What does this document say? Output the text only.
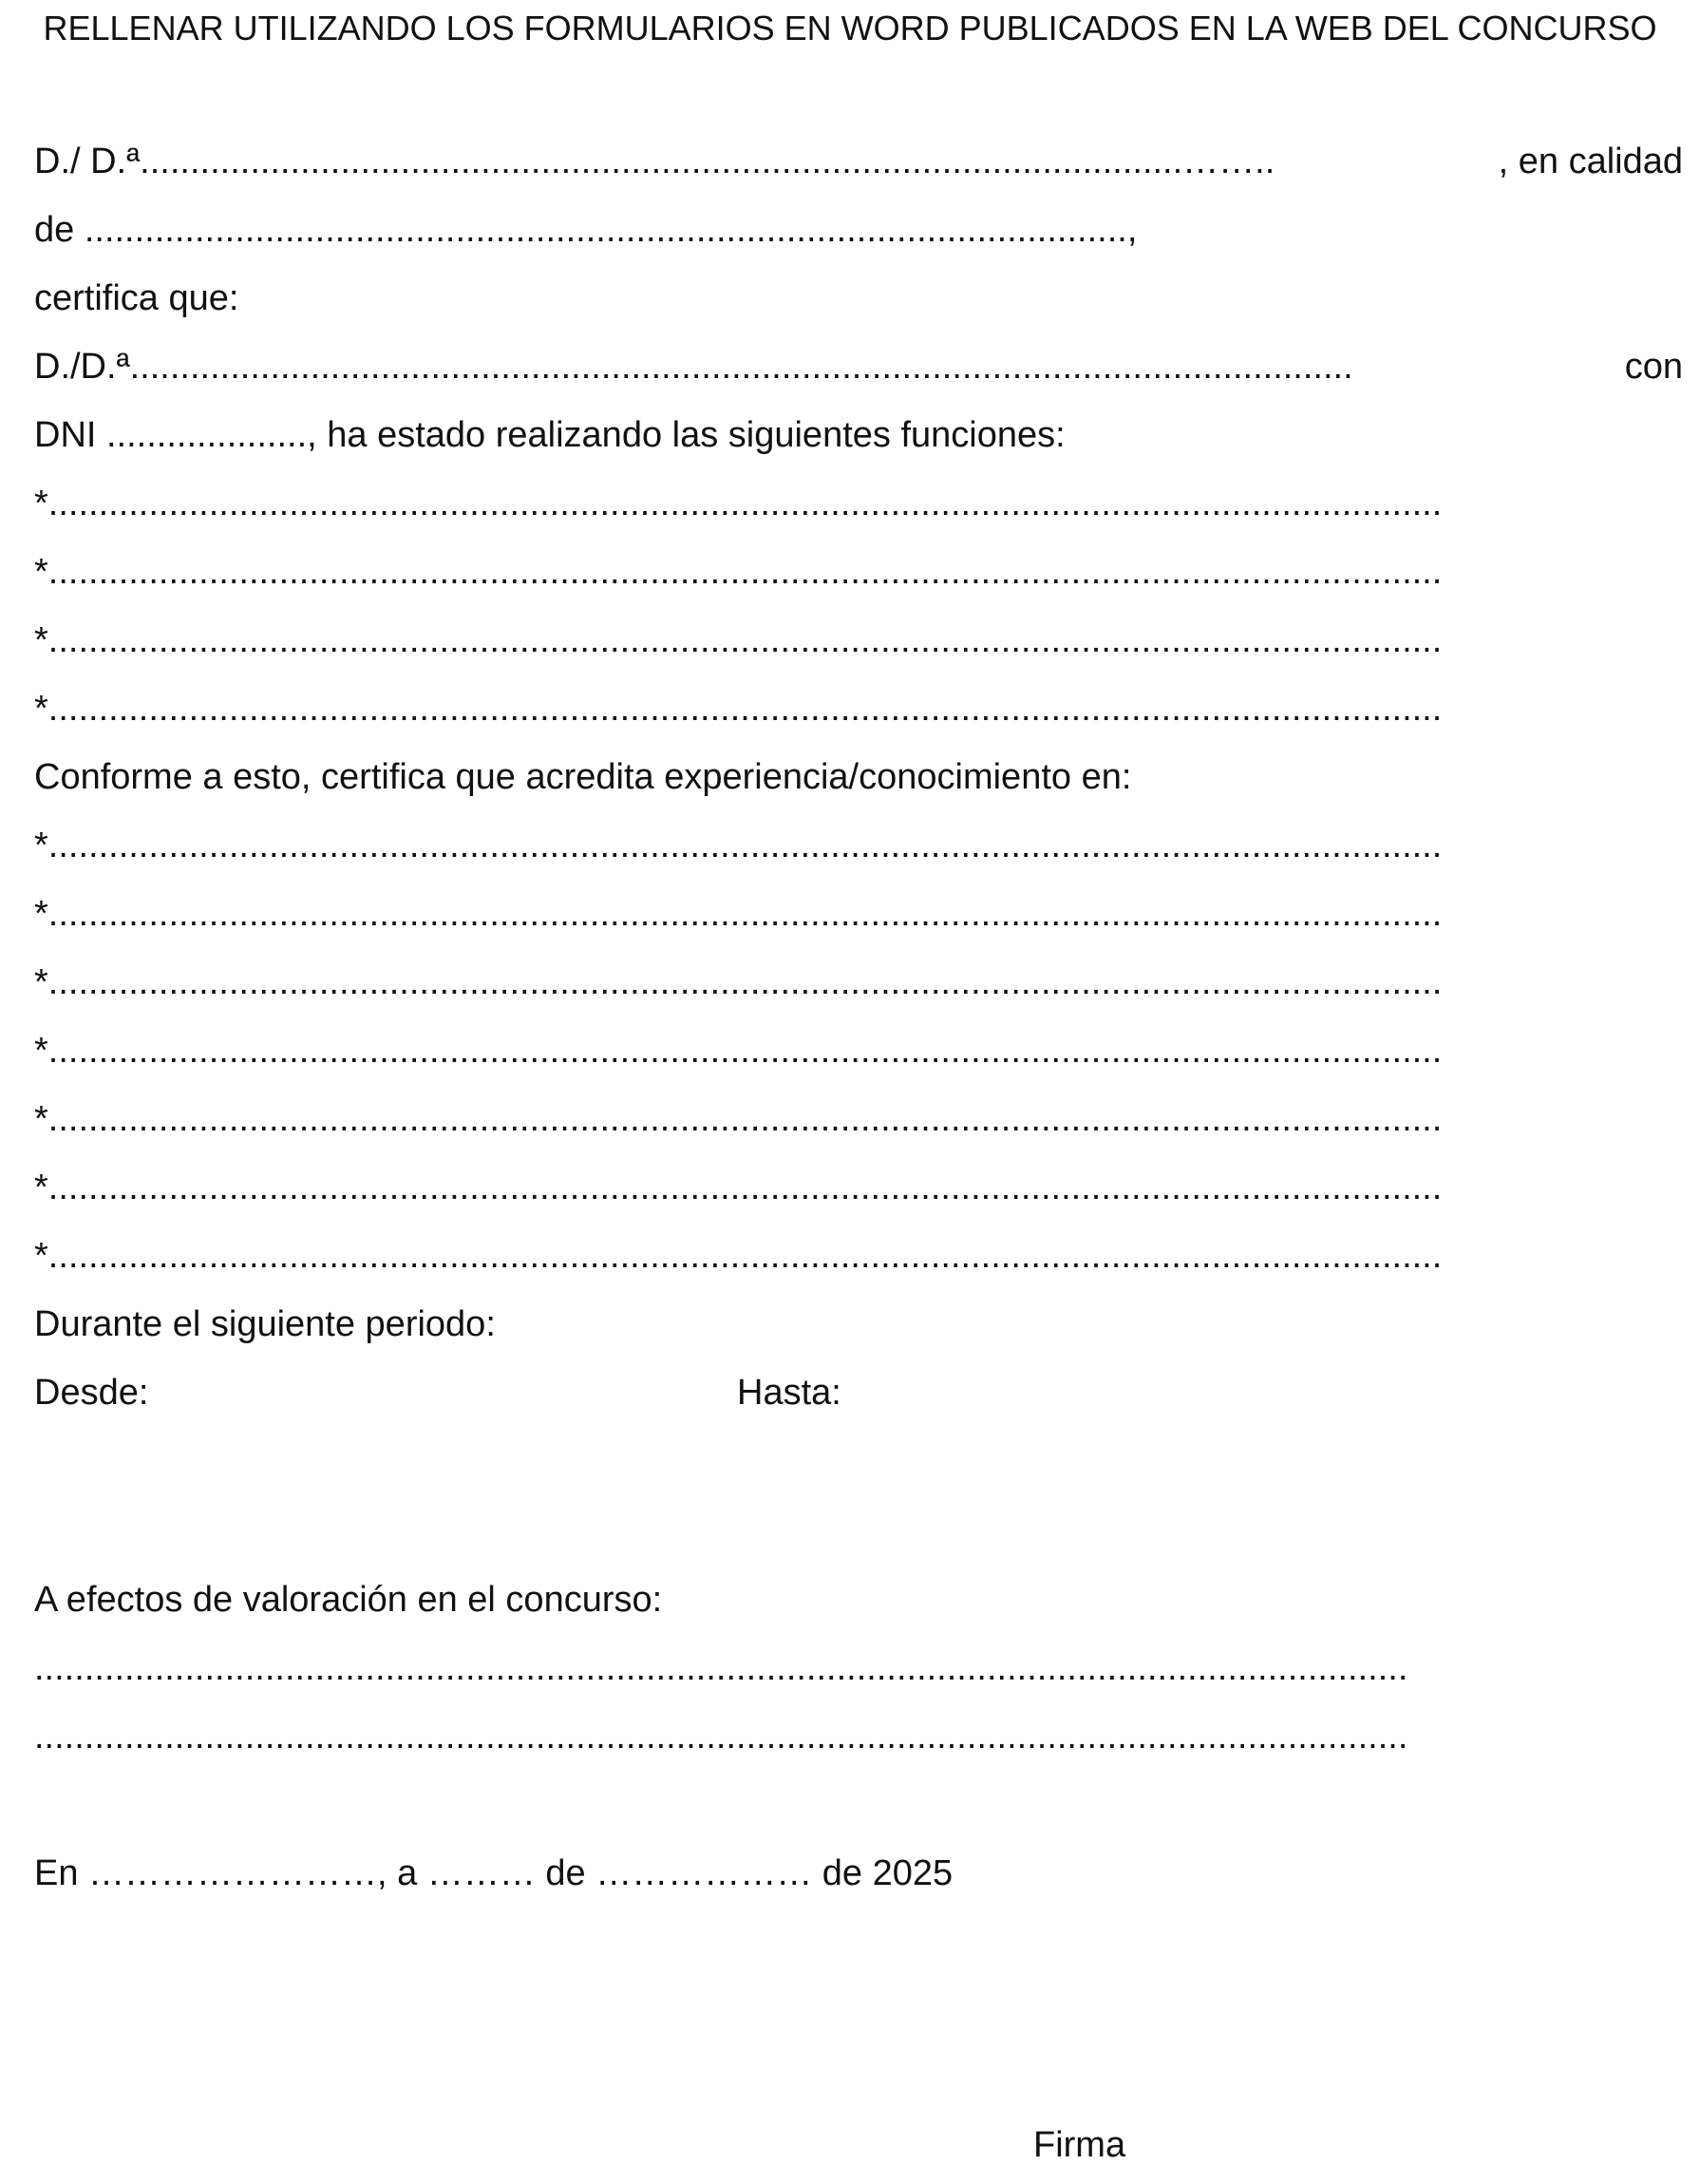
RELLENAR UTILIZANDO LOS FORMULARIOS EN WORD PUBLICADOS EN LA WEB DEL CONCURSO
D./ D.ª........................................................................................................……..	, en calidad
de ........................................................................................................,
certifica que:
D./D.ª..........................................................................................................................	con
DNI ...................., ha estado realizando las siguientes funciones:
*...........................................................................................................................................
*...........................................................................................................................................
*...........................................................................................................................................
*...........................................................................................................................................
Conforme a esto, certifica que acredita experiencia/conocimiento en:
*...........................................................................................................................................
*...........................................................................................................................................
*...........................................................................................................................................
*...........................................................................................................................................
*...........................................................................................................................................
*...........................................................................................................................................
*...........................................................................................................................................
Durante el siguiente periodo:
Desde:	Hasta:
A efectos de valoración en el concurso:
.........................................................................................................................................
.........................................................................................................................................
En ……………………, a ……… de ……………… de 2025
Firma
